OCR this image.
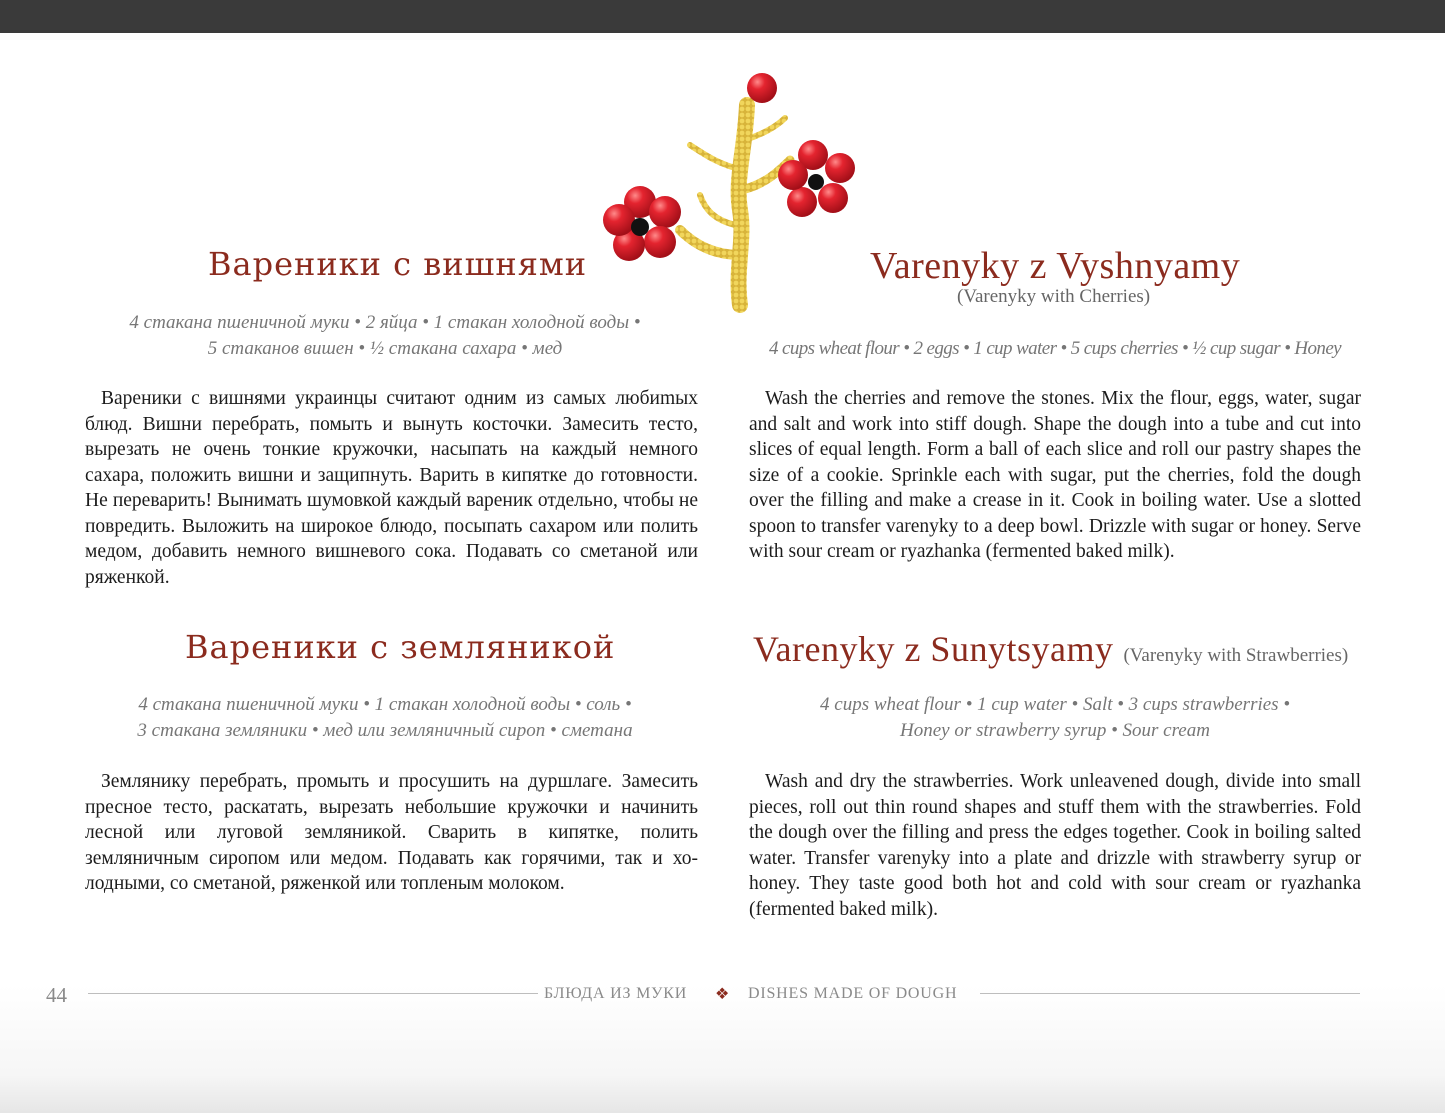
Вареники с вишнями
4 стакана пшеничной муки • 2 яйца • 1 стакан холодной воды •
5 стаканов вишен • ½ стакана сахара • мед

Вареники с вишнями украинцы считают одним из самых любиmых блюд. Вишни перебрать, помыть и вынуть косточки. Замесить тесто, вырезать не очень тонкие кружочки, насыпать на каждый немного сахара, положить вишни и защипнуть. Варить в кипятке до готовности. Не переварить! Вынимать шумовкой каждый вареник отдельно, чтобы не повредить. Выложить на широкое блюдо, посыпать сахаром или полить медом, добавить немного вишневого сока. Подавать со сметаной или ряженкой.

Varenyky z Vyshnyamy
(Varenyky with Cherries)
4 cups wheat flour • 2 eggs • 1 cup water • 5 cups cherries • ½ cup sugar • Honey

Wash the cherries and remove the stones. Mix the flour, eggs, water, sugar and salt and work into stiff dough. Shape the dough into a tube and cut into slices of equal length. Form a ball of each slice and roll our pastry shapes the size of a cookie. Sprinkle each with sugar, put the cherries, fold the dough over the filling and make a crease in it. Cook in boiling water. Use a slotted spoon to transfer varenyky to a deep bowl. Drizzle with sugar or honey. Serve with sour cream or ryazhanka (fermented baked milk).

Вареники с земляникой
4 стакана пшеничной муки • 1 стакан холодной воды • соль •
3 стакана земляники • мед или земляничный сироп • сметана

Землянику перебрать, промыть и просушить на дуршлаге. Замесить пресное тесто, раскатать, вырезать небольшие кружочки и начинить лесной или луговой земляникой. Сварить в кипятке, полить земляничным сиропом или медом. Подавать как горячими, так и холодными, со сметаной, ряженкой или топленым молоком.

Varenyky z Sunytsyamy (Varenyky with Strawberries)
4 cups wheat flour • 1 cup water • Salt • 3 cups strawberries •
Honey or strawberry syrup • Sour cream

Wash and dry the strawberries. Work unleavened dough, divide into small pieces, roll out thin round shapes and stuff them with the strawberries. Fold the dough over the filling and press the edges together. Cook in boiling salted water. Transfer varenyky into a plate and drizzle with strawberry syrup or honey. They taste good both hot and cold with sour cream or ryazhanka (fermented baked milk).

44	БЛЮДА ИЗ МУКИ ❖ DISHES MADE OF DOUGH
